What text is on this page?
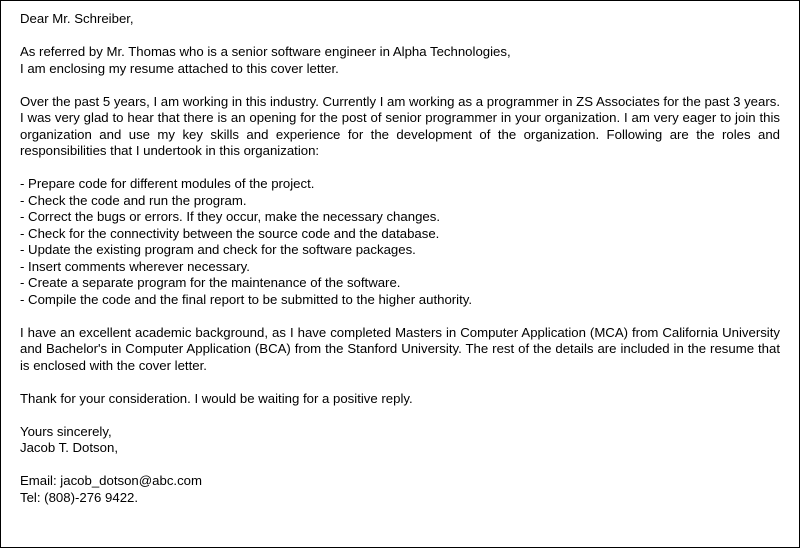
Dear Mr. Schreiber,

As referred by Mr. Thomas who is a senior software engineer in Alpha Technologies,
I am enclosing my resume attached to this cover letter.

Over the past 5 years, I am working in this industry. Currently I am working as a programmer in ZS Associates for the past 3 years. I was very glad to hear that there is an opening for the post of senior programmer in your organization. I am very eager to join this organization and use my key skills and experience for the development of the organization. Following are the roles and responsibilities that I undertook in this organization:

- Prepare code for different modules of the project.
- Check the code and run the program.
- Correct the bugs or errors. If they occur, make the necessary changes.
- Check for the connectivity between the source code and the database.
- Update the existing program and check for the software packages.
- Insert comments wherever necessary.
- Create a separate program for the maintenance of the software.
- Compile the code and the final report to be submitted to the higher authority.

I have an excellent academic background, as I have completed Masters in Computer Application (MCA) from California University and Bachelor's in Computer Application (BCA) from the Stanford University. The rest of the details are included in the resume that is enclosed with the cover letter.

Thank for your consideration. I would be waiting for a positive reply.

Yours sincerely,
Jacob T. Dotson,

Email: jacob_dotson@abc.com
Tel: (808)-276 9422.
